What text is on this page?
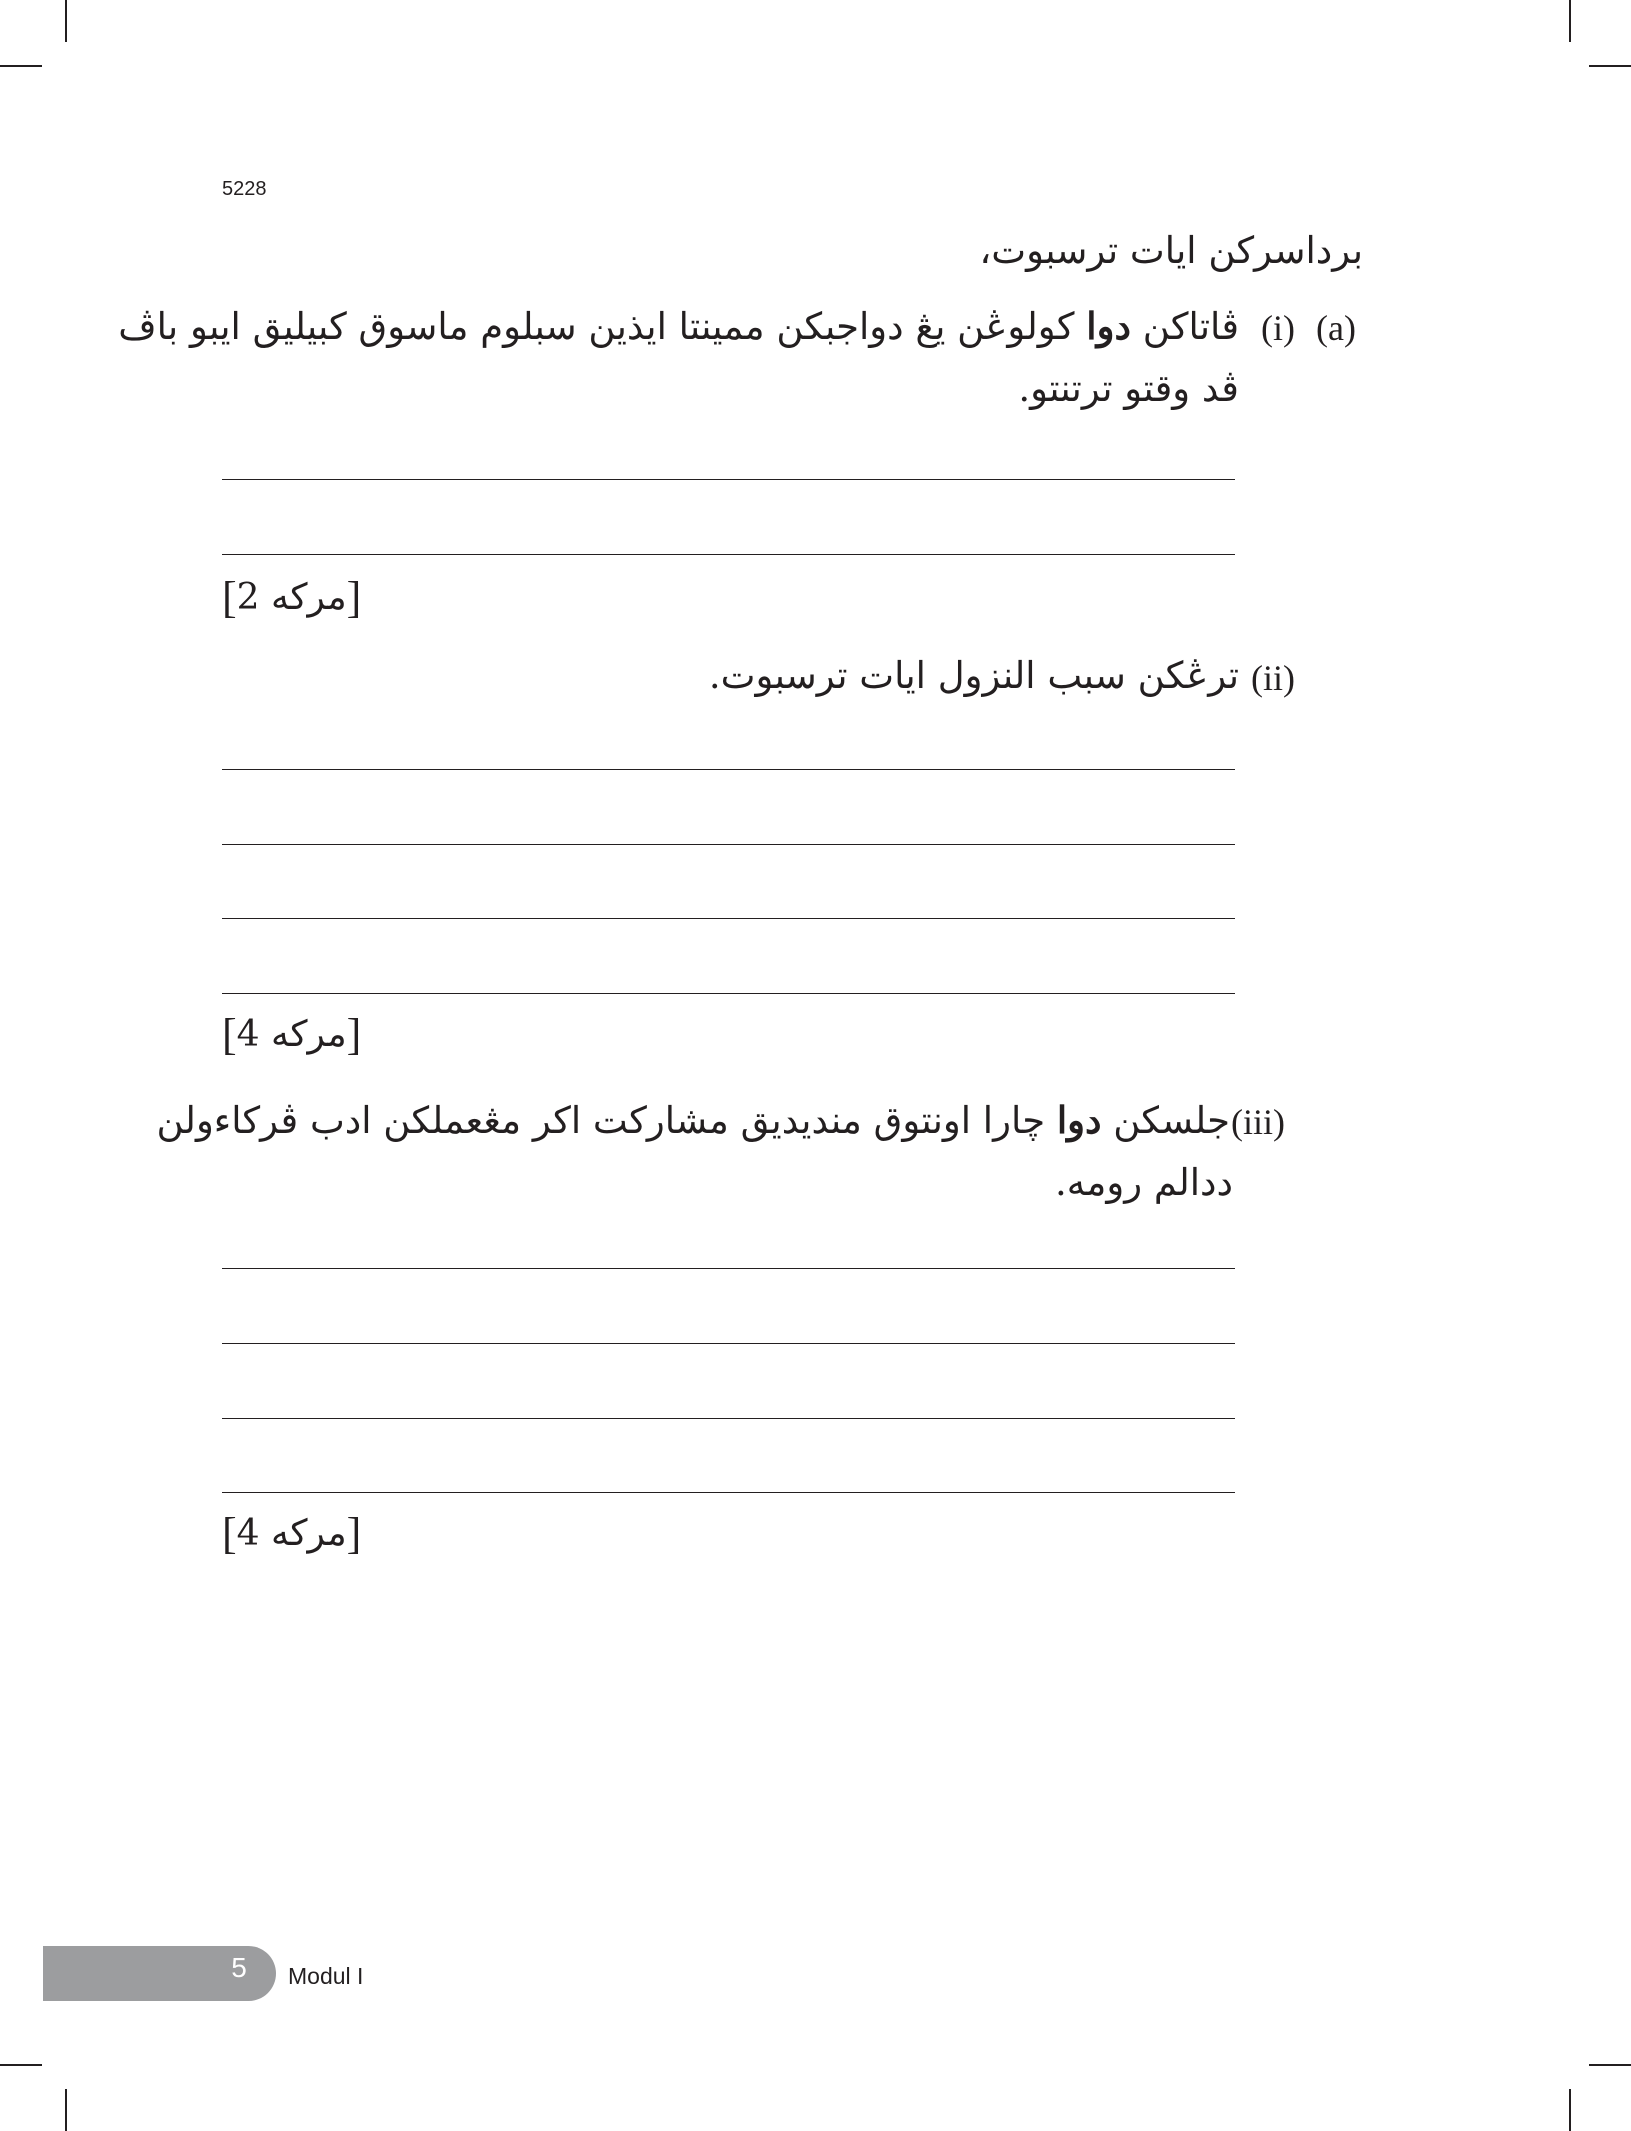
5228
برداسرکن ايات ترسبوت،
(a)
(i)
ڤاتاکن دوا کولوڠن يڠ دواجبکن ممينتا ايذين سبلوم ماسوق کبيليق ايبو باڤ
ڤد وقتو ترتنتو.
[2 مرکه]
(ii)
ترڠکن سبب النزول ايات ترسبوت.
[4 مرکه]
(iii)
جلسکن دوا چارا اونتوق منديديق مشارکت اکر مڠعملکن ادب ڤرکاءولن
ددالم رومه.
[4 مرکه]
5	Modul I
